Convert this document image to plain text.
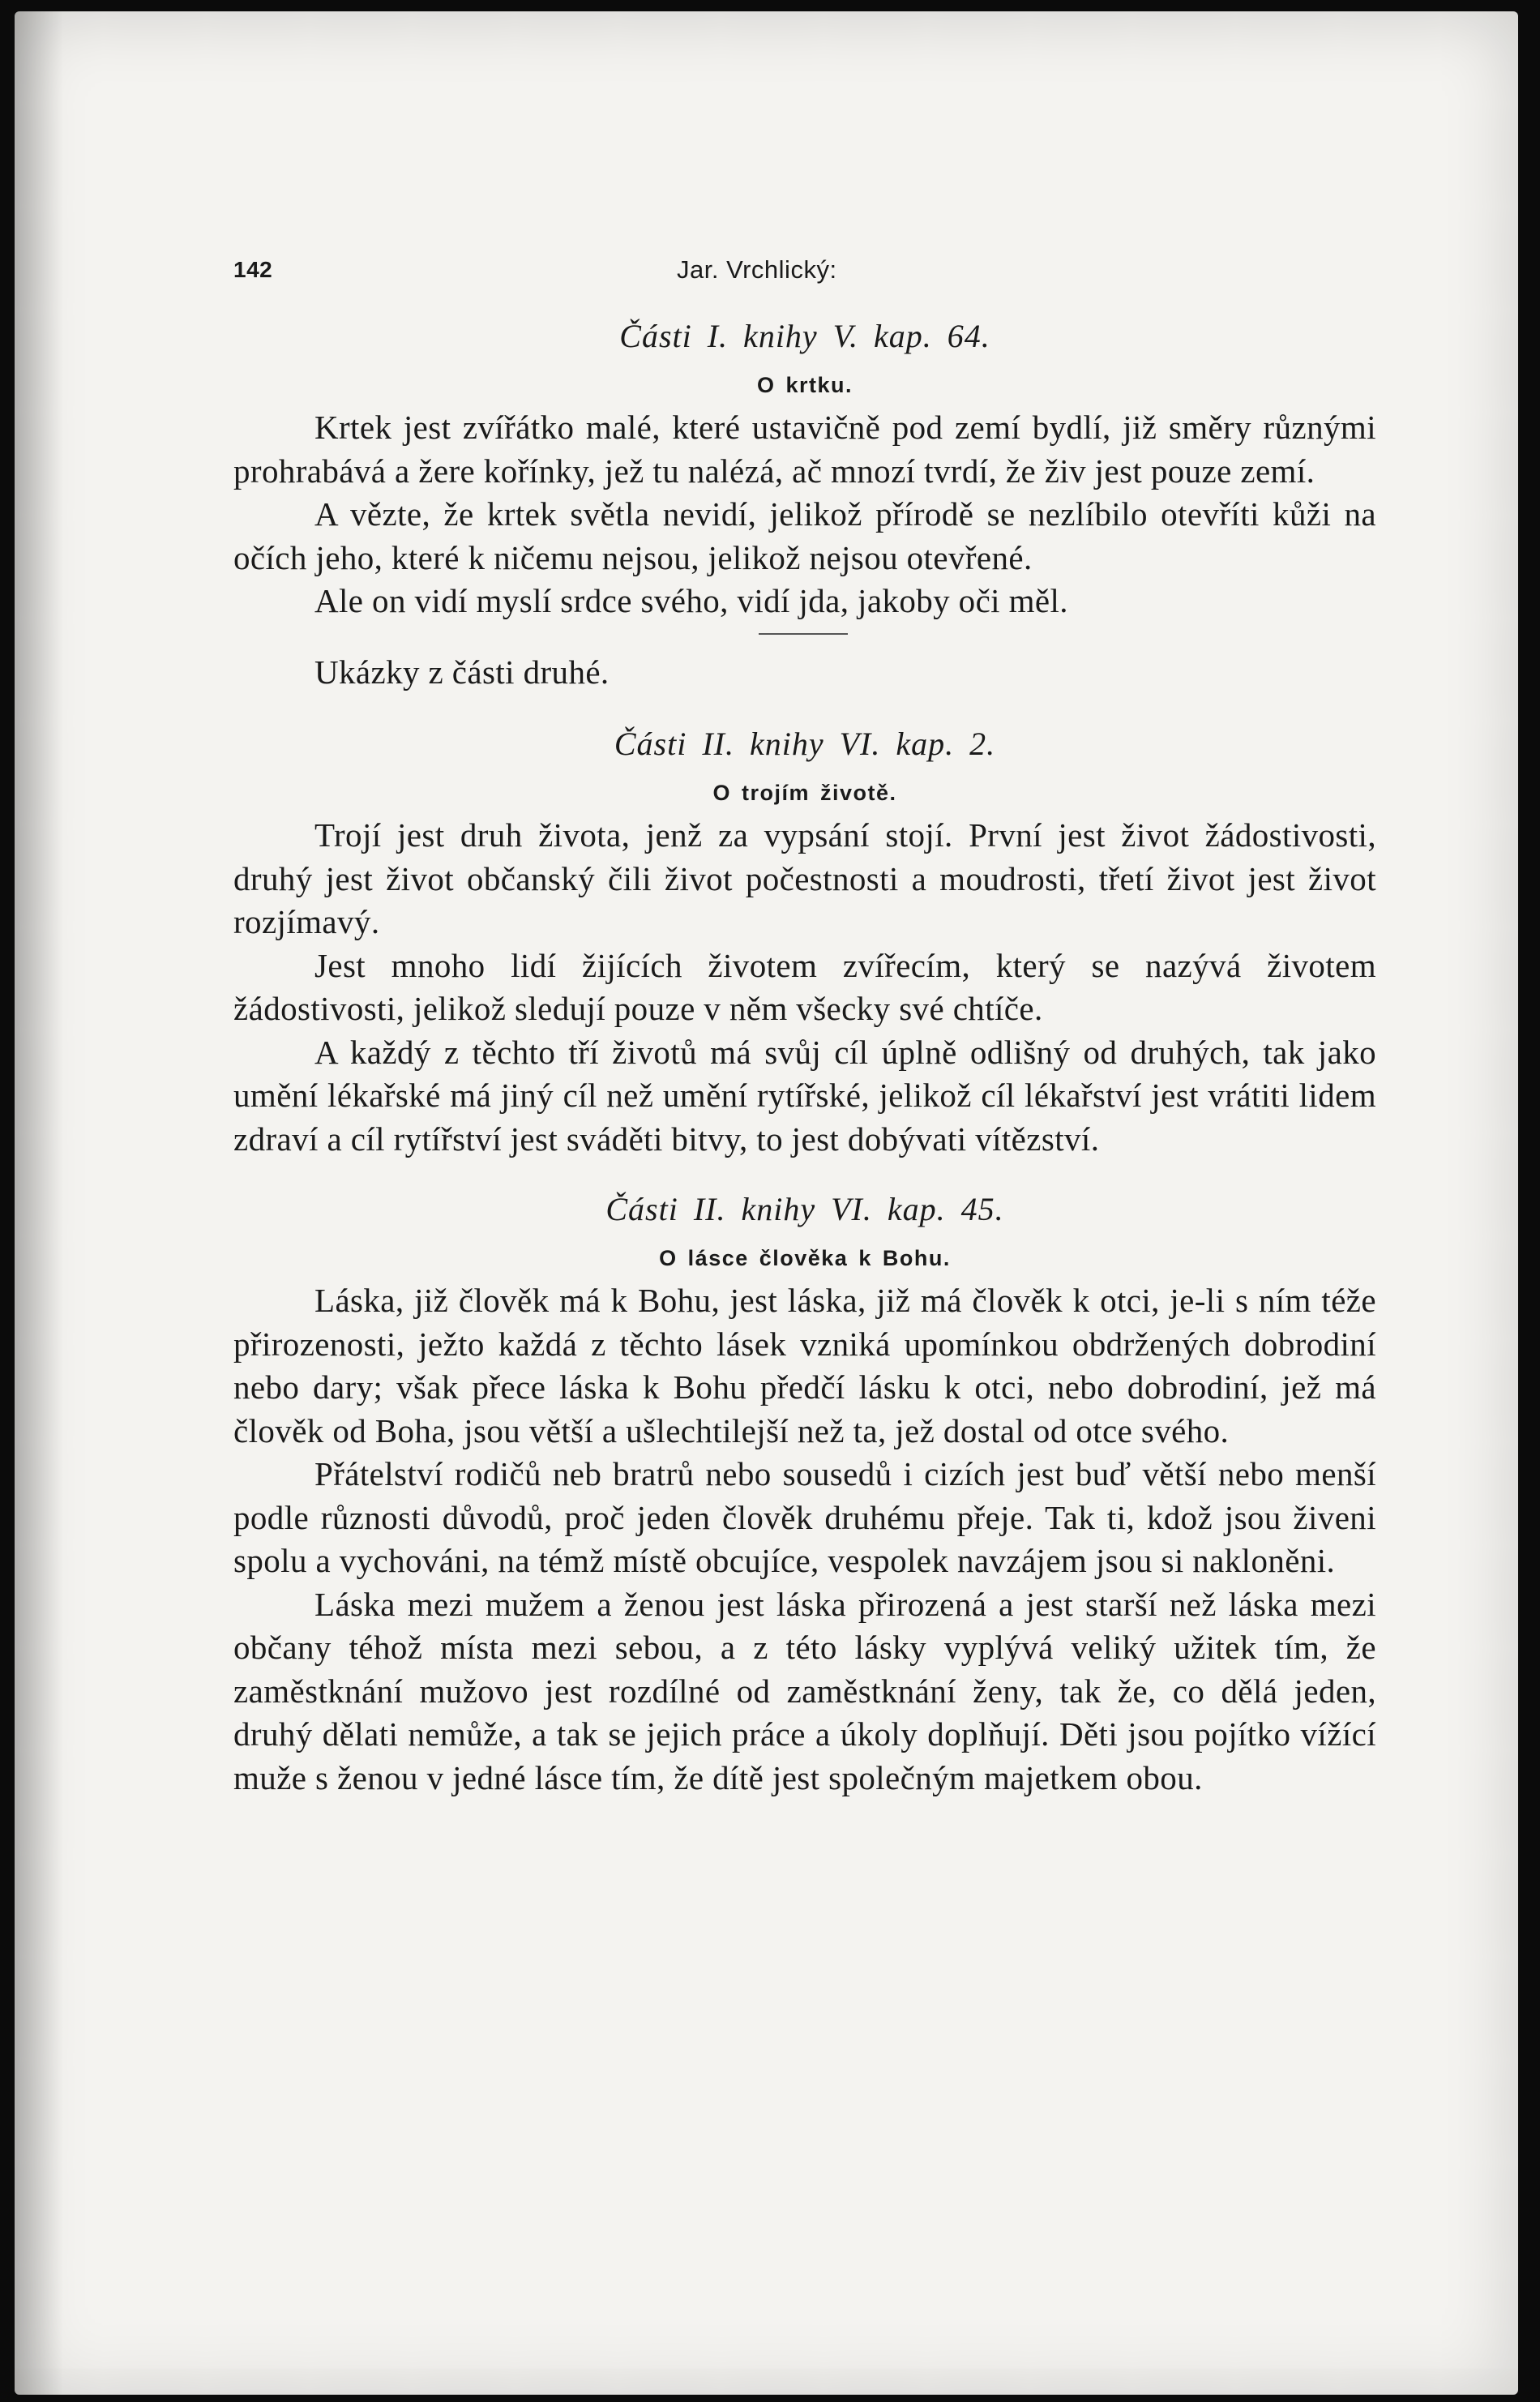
142	Jar. Vrchlický:
Části I. knihy V. kap. 64.
O krtku.

Krtek jest zvířátko malé, které ustavičně pod zemí bydlí, již směry různými prohrabává a žere kořínky, jež tu nalézá, ač mnozí tvrdí, že živ jest pouze zemí.

A vězte, že krtek světla nevidí, jelikož přírodě se nezlíbilo otevříti kůži na očích jeho, které k ničemu nejsou, jelikož nejsou otevřené.

Ale on vidí myslí srdce svého, vidí jda, jakoby oči měl.

Ukázky z části druhé.

Části II. knihy VI. kap. 2.
O trojím životě.

Trojí jest druh života, jenž za vypsání stojí. První jest život žádostivosti, druhý jest život občanský čili život počestnosti a moudrosti, třetí život jest život rozjímavý.

Jest mnoho lidí žijících životem zvířecím, který se nazývá životem žádostivosti, jelikož sledují pouze v něm všecky své chtíče.

A každý z těchto tří životů má svůj cíl úplně odlišný od druhých, tak jako umění lékařské má jiný cíl než umění rytířské, jelikož cíl lékařství jest vrátiti lidem zdraví a cíl rytířství jest sváděti bitvy, to jest dobývati vítězství.

Části II. knihy VI. kap. 45.
O lásce člověka k Bohu.

Láska, již člověk má k Bohu, jest láska, již má člověk k otci, je-li s ním téže přirozenosti, ježto každá z těchto lásek vzniká upomínkou obdržených dobrodiní nebo dary; však přece láska k Bohu předčí lásku k otci, nebo dobrodiní, jež má člověk od Boha, jsou větší a ušlechtilejší než ta, jež dostal od otce svého.

Přátelství rodičů neb bratrů nebo sousedů i cizích jest buď větší nebo menší podle různosti důvodů, proč jeden člověk druhému přeje. Tak ti, kdož jsou živeni spolu a vychováni, na témž místě obcujíce, vespolek navzájem jsou si nakloněni.

Láska mezi mužem a ženou jest láska přirozená a jest starší než láska mezi občany téhož místa mezi sebou, a z této lásky vyplývá veliký užitek tím, že zaměstknání mužovo jest rozdílné od zaměstknání ženy, tak že, co dělá jeden, druhý dělati nemůže, a tak se jejich práce a úkoly doplňují. Děti jsou pojítko vížící muže s ženou v jedné lásce tím, že dítě jest společným majetkem obou.
